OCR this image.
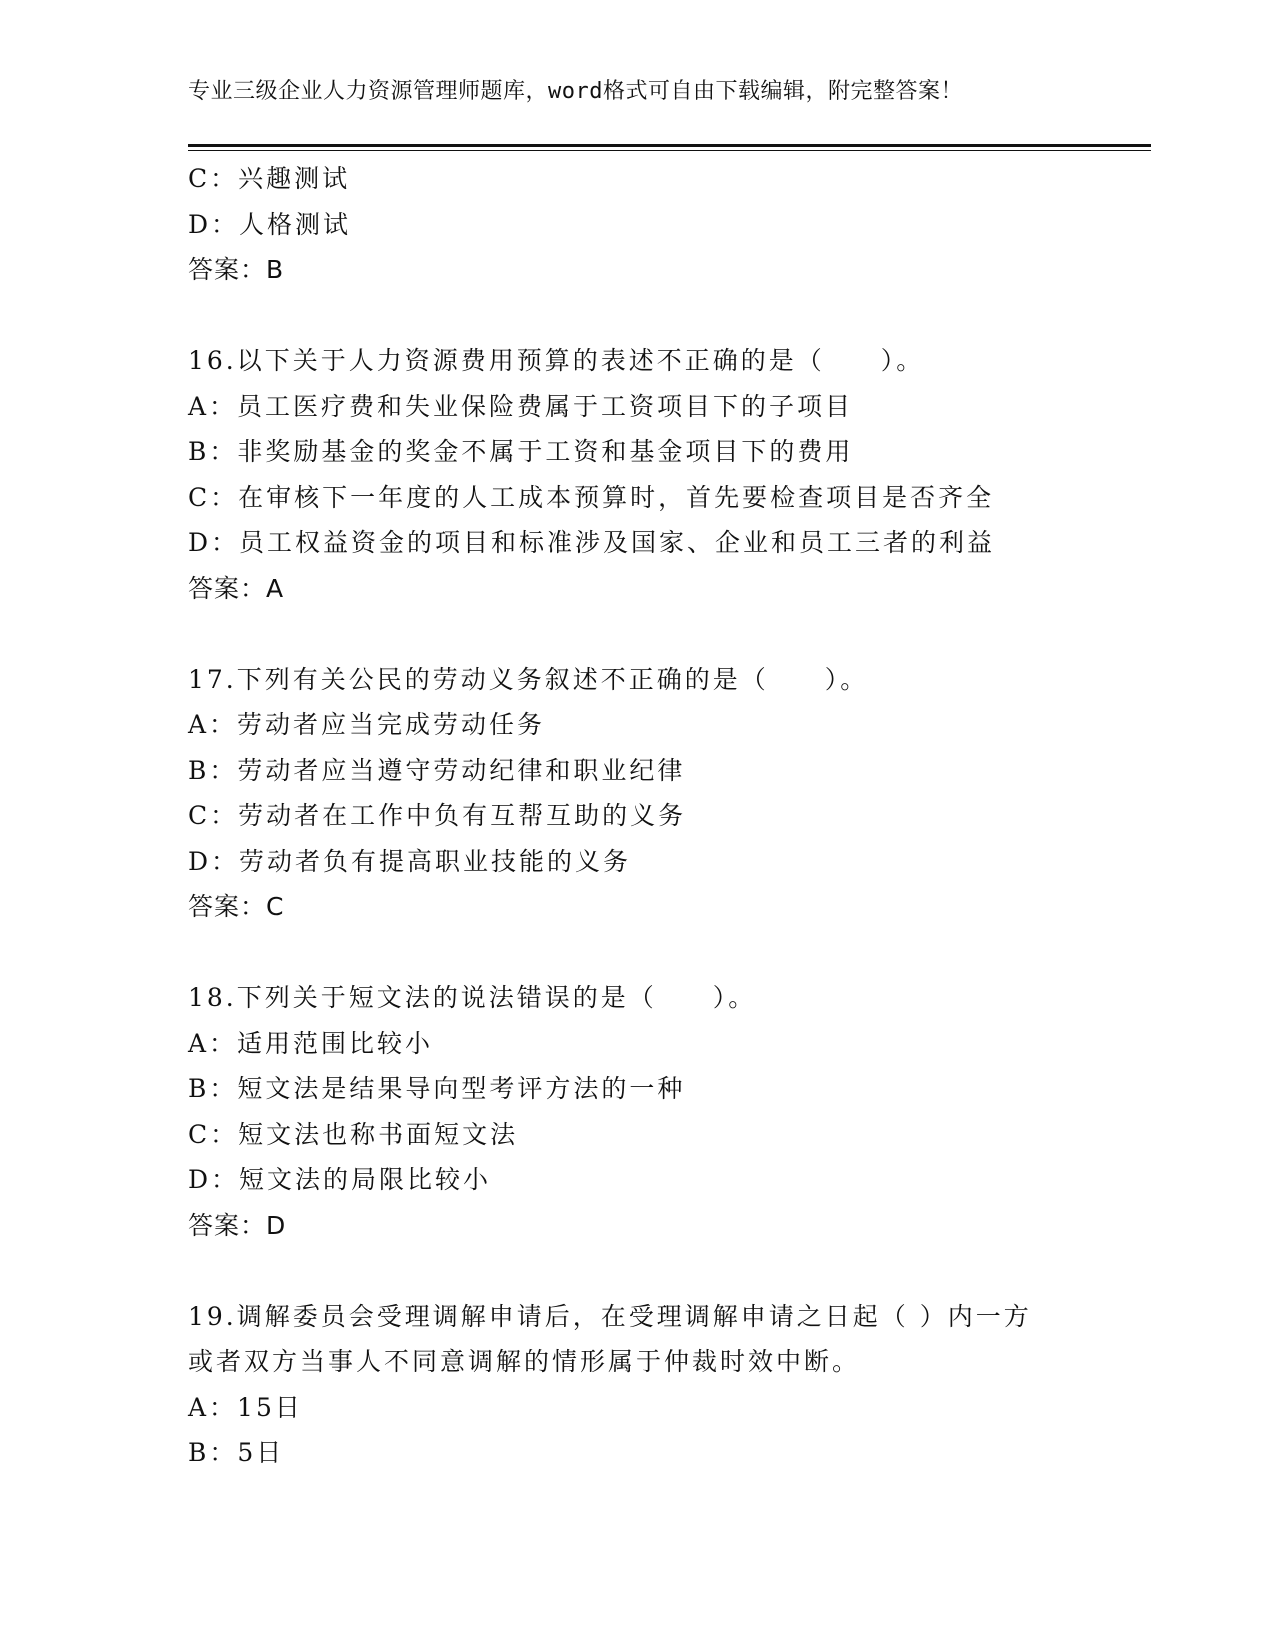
专业三级企业人力资源管理师题库，word格式可自由下载编辑，附完整答案！
C：兴趣测试
D：人格测试
答案：B
16.以下关于人力资源费用预算的表述不正确的是（　　）。
A：员工医疗费和失业保险费属于工资项目下的子项目
B：非奖励基金的奖金不属于工资和基金项目下的费用
C：在审核下一年度的人工成本预算时，首先要检查项目是否齐全
D：员工权益资金的项目和标准涉及国家、企业和员工三者的利益
答案：A
17.下列有关公民的劳动义务叙述不正确的是（　　）。
A：劳动者应当完成劳动任务
B：劳动者应当遵守劳动纪律和职业纪律
C：劳动者在工作中负有互帮互助的义务
D：劳动者负有提高职业技能的义务
答案：C
18.下列关于短文法的说法错误的是（　　）。
A：适用范围比较小
B：短文法是结果导向型考评方法的一种
C：短文法也称书面短文法
D：短文法的局限比较小
答案：D
19.调解委员会受理调解申请后，在受理调解申请之日起（ ）内一方
或者双方当事人不同意调解的情形属于仲裁时效中断。
A：15日
B：5日
